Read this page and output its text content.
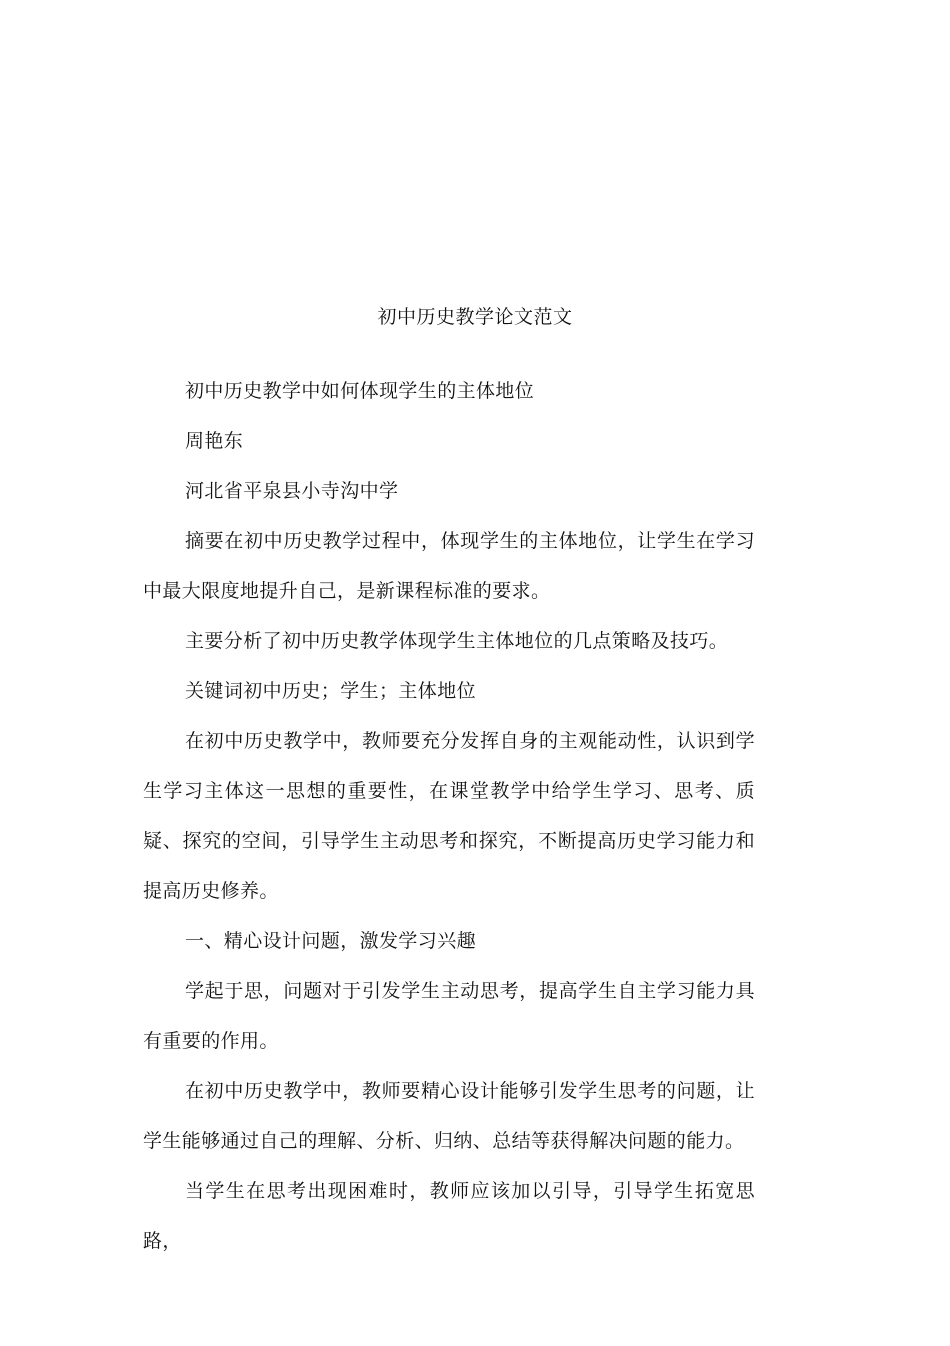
初中历史教学论文范文

初中历史教学中如何体现学生的主体地位

周艳东

河北省平泉县小寺沟中学

摘要在初中历史教学过程中，体现学生的主体地位，让学生在学习中最大限度地提升自己，是新课程标准的要求。

主要分析了初中历史教学体现学生主体地位的几点策略及技巧。

关键词初中历史；学生；主体地位

在初中历史教学中，教师要充分发挥自身的主观能动性，认识到学生学习主体这一思想的重要性，在课堂教学中给学生学习、思考、质疑、探究的空间，引导学生主动思考和探究，不断提高历史学习能力和提高历史修养。

一、精心设计问题，激发学习兴趣

学起于思，问题对于引发学生主动思考，提高学生自主学习能力具有重要的作用。

在初中历史教学中，教师要精心设计能够引发学生思考的问题，让学生能够通过自己的理解、分析、归纳、总结等获得解决问题的能力。

当学生在思考出现困难时，教师应该加以引导，引导学生拓宽思路，
